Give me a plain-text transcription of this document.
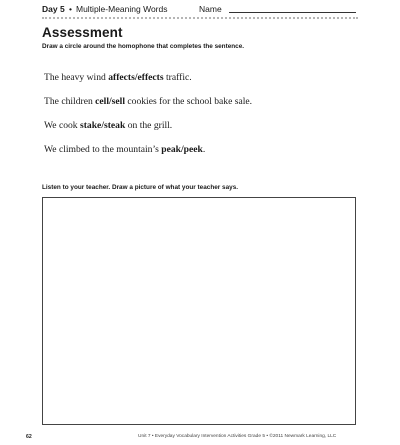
Day 5 • Multiple-Meaning Words	Name
Assessment
Draw a circle around the homophone that completes the sentence.
The heavy wind affects/effects traffic.
The children cell/sell cookies for the school bake sale.
We cook stake/steak on the grill.
We climbed to the mountain’s peak/peek.
Listen to your teacher. Draw a picture of what your teacher says.
62	Unit 7 • Everyday Vocabulary Intervention Activities Grade 5 • ©2011 Newmark Learning, LLC
